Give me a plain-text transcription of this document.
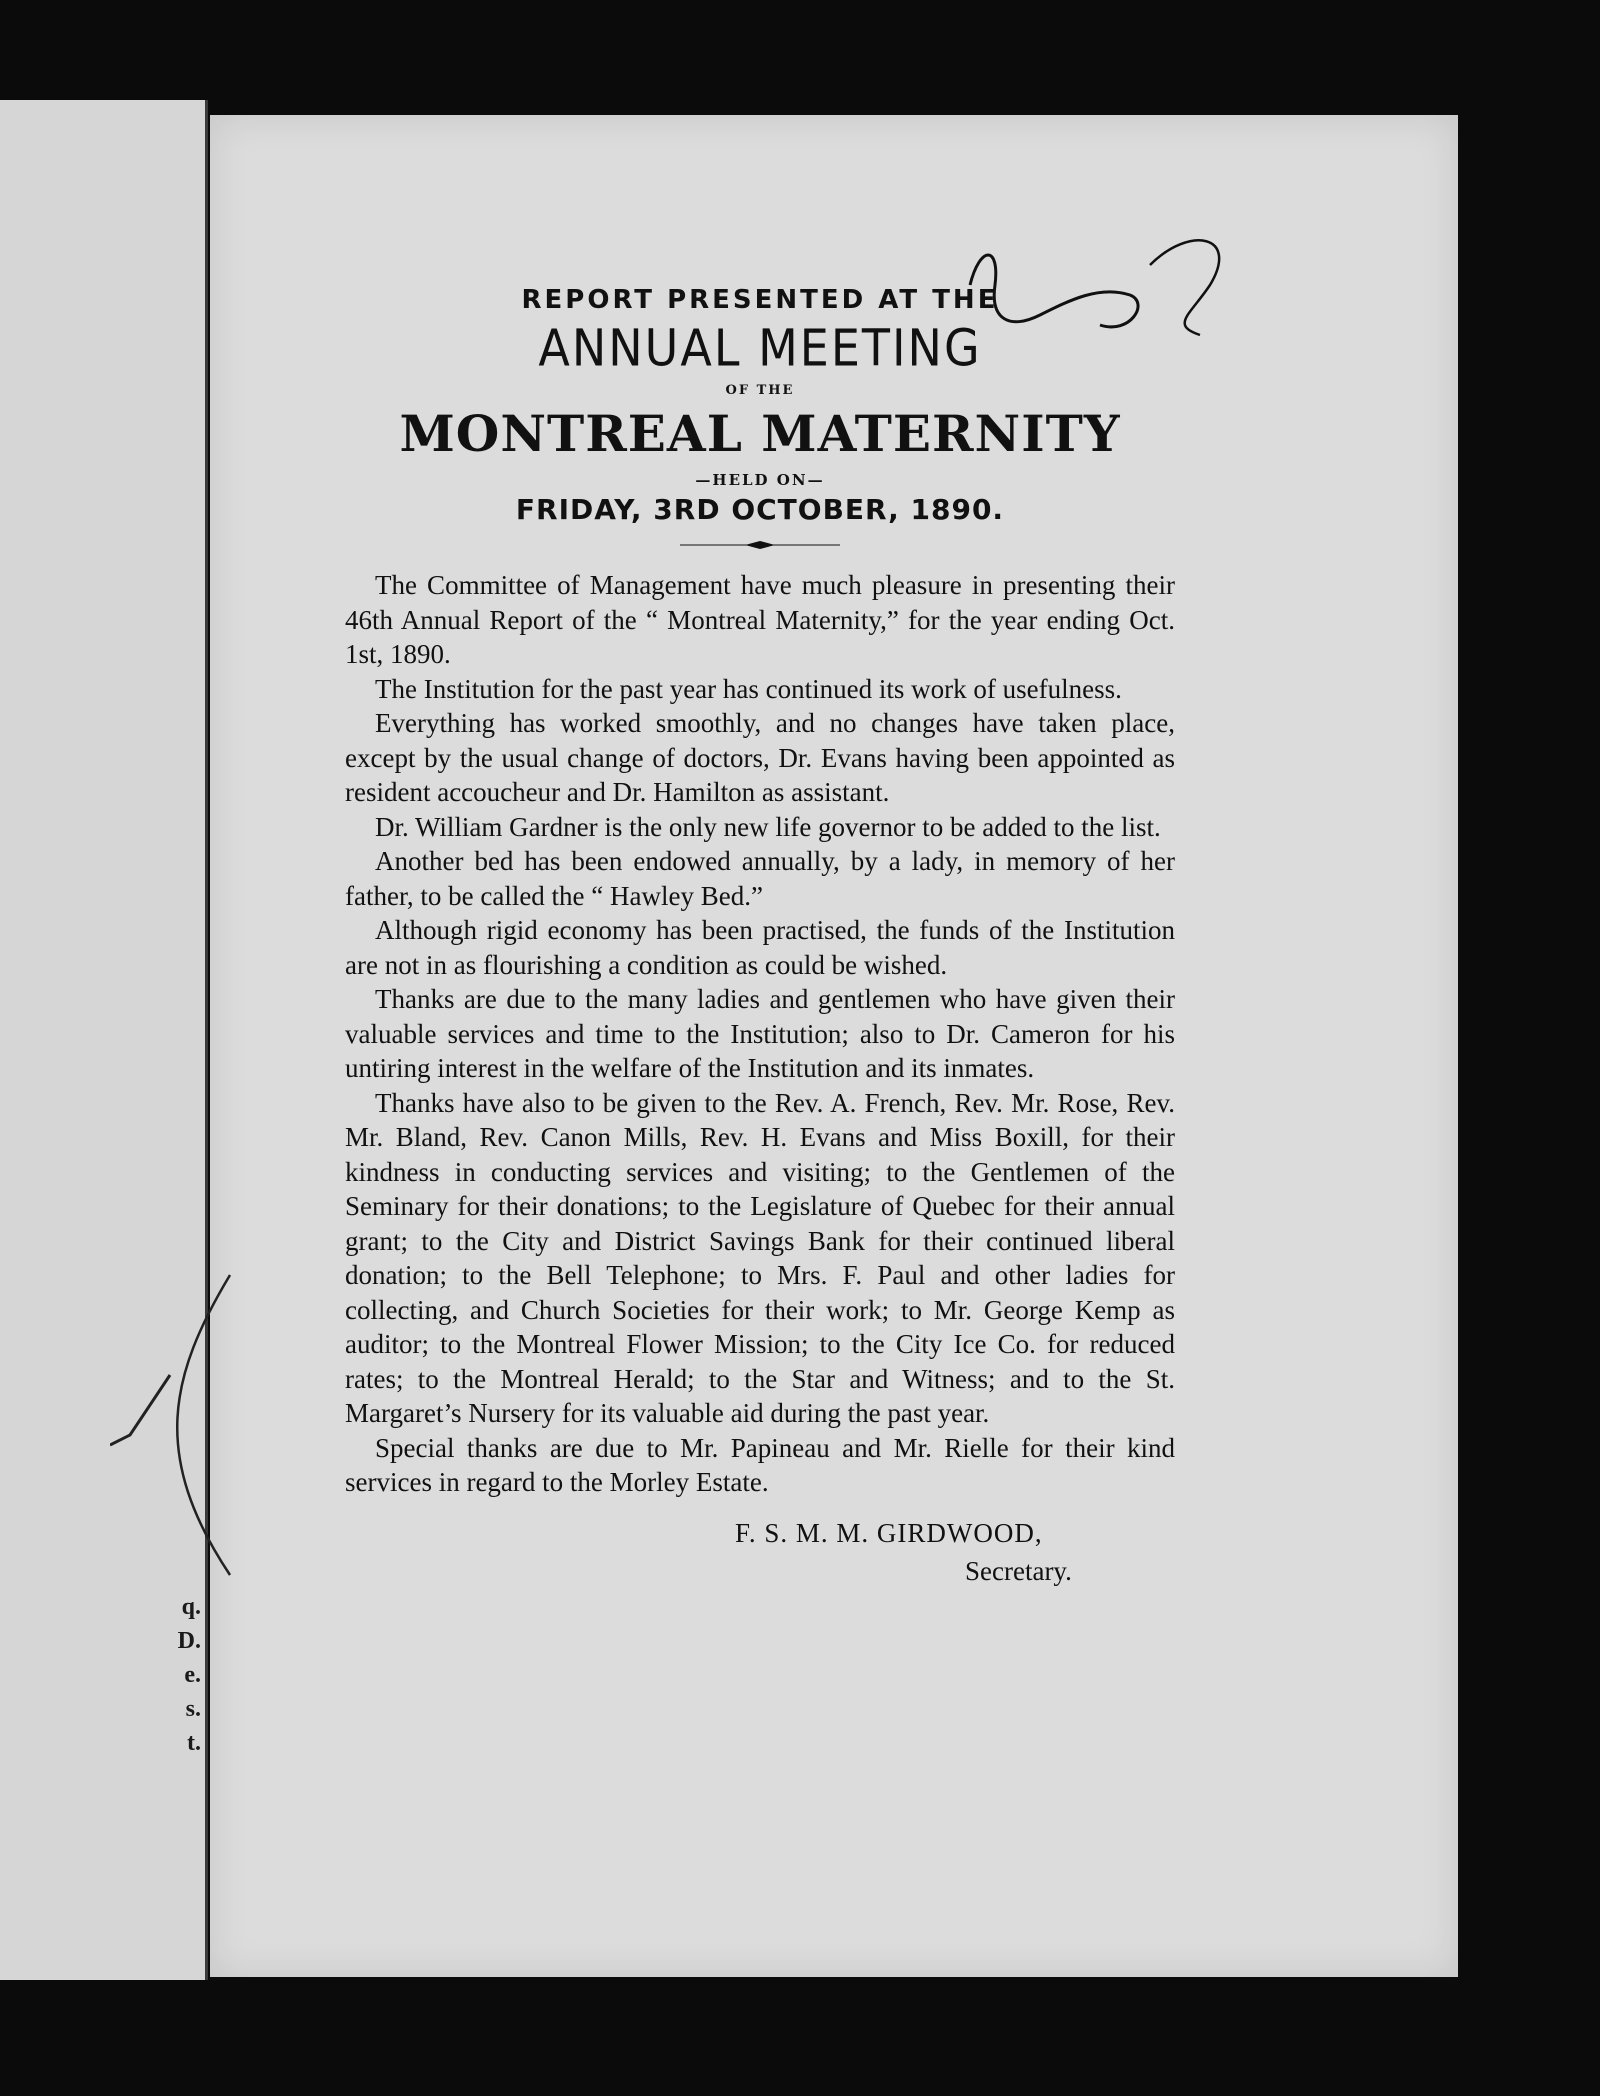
q.
D.
e.
s.
t.

REPORT PRESENTED AT THE

ANNUAL MEETING

OF THE

MONTREAL MATERNITY

—HELD ON—

FRIDAY, 3RD OCTOBER, 1890.

The Committee of Management have much pleasure in presenting their 46th Annual Report of the “ Montreal Maternity,” for the year ending Oct. 1st, 1890.

The Institution for the past year has continued its work of usefulness.

Everything has worked smoothly, and no changes have taken place, except by the usual change of doctors, Dr. Evans having been appointed as resident accoucheur and Dr. Hamilton as assistant.

Dr. William Gardner is the only new life governor to be added to the list.

Another bed has been endowed annually, by a lady, in memory of her father, to be called the “ Hawley Bed.”

Although rigid economy has been practised, the funds of the Institution are not in as flourishing a condition as could be wished.

Thanks are due to the many ladies and gentlemen who have given their valuable services and time to the Institution; also to Dr. Cameron for his untiring interest in the welfare of the Institution and its inmates.

Thanks have also to be given to the Rev. A. French, Rev. Mr. Rose, Rev. Mr. Bland, Rev. Canon Mills, Rev. H. Evans and Miss Boxill, for their kindness in conducting services and visiting; to the Gentlemen of the Seminary for their donations; to the Legislature of Quebec for their annual grant; to the City and District Savings Bank for their continued liberal donation; to the Bell Telephone; to Mrs. F. Paul and other ladies for collecting, and Church Societies for their work; to Mr. George Kemp as auditor; to the Montreal Flower Mission; to the City Ice Co. for reduced rates; to the Montreal Herald; to the Star and Witness; and to the St. Margaret’s Nursery for its valuable aid during the past year.

Special thanks are due to Mr. Papineau and Mr. Rielle for their kind services in regard to the Morley Estate.

F. S. M. M. GIRDWOOD,
Secretary.
